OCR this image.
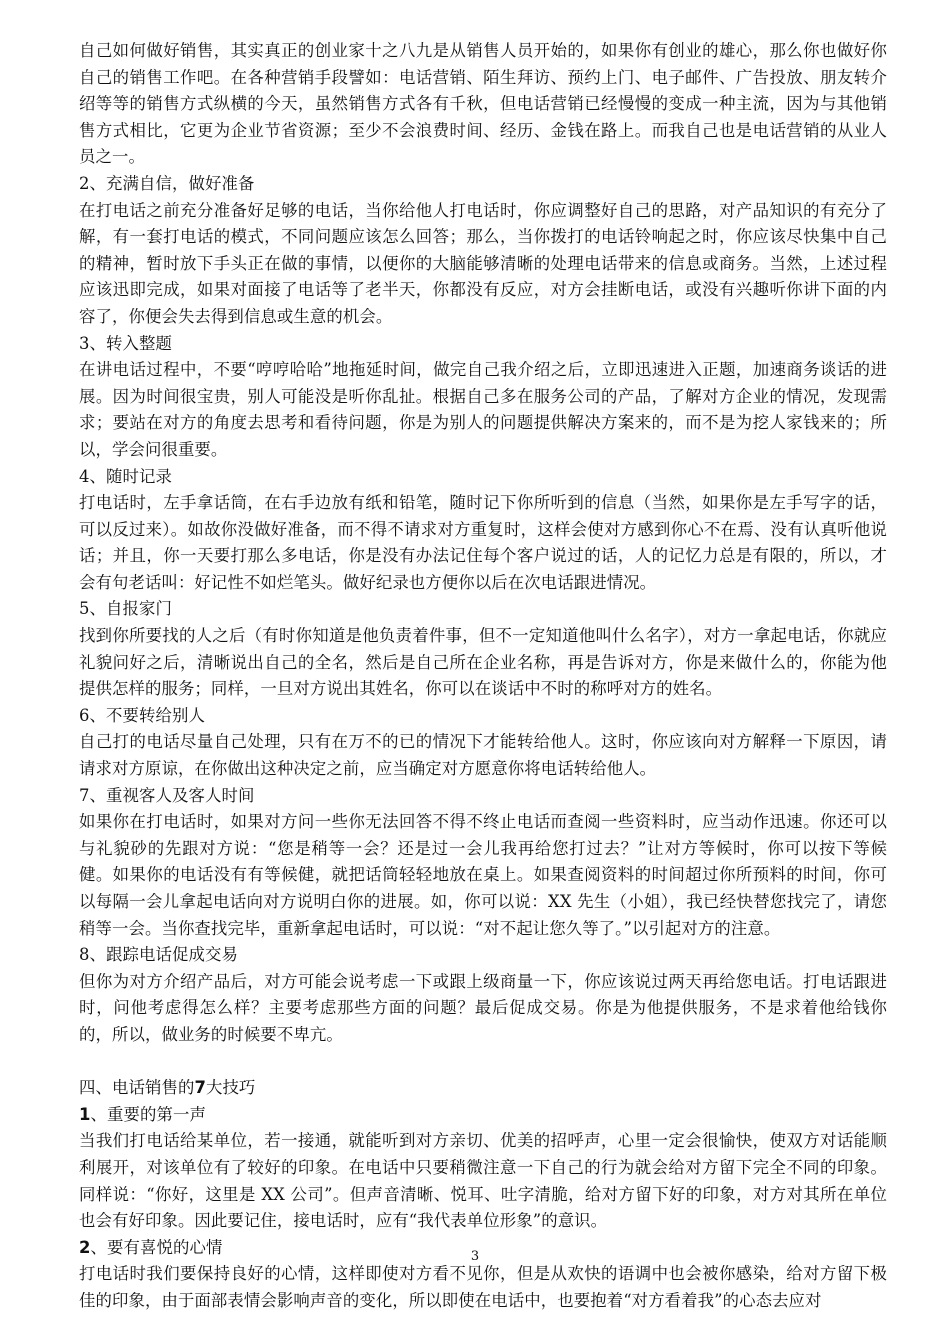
自己如何做好销售，其实真正的创业家十之八九是从销售人员开始的，如果你有创业的雄心，那么你也做好你自己的销售工作吧。在各种营销手段譬如：电话营销、陌生拜访、预约上门、电子邮件、广告投放、朋友转介绍等等的销售方式纵横的今天，虽然销售方式各有千秋，但电话营销已经慢慢的变成一种主流，因为与其他销售方式相比，它更为企业节省资源；至少不会浪费时间、经历、金钱在路上。而我自己也是电话营销的从业人员之一。

2、充满自信，做好准备

在打电话之前充分准备好足够的电话，当你给他人打电话时，你应调整好自己的思路，对产品知识的有充分了解，有一套打电话的模式，不同问题应该怎么回答；那么，当你拨打的电话铃响起之时，你应该尽快集中自己的精神，暂时放下手头正在做的事情，以便你的大脑能够清晰的处理电话带来的信息或商务。当然，上述过程应该迅即完成，如果对面接了电话等了老半天，你都没有反应，对方会挂断电话，或没有兴趣听你讲下面的内容了，你便会失去得到信息或生意的机会。

3、转入整题

在讲电话过程中，不要“哼哼哈哈”地拖延时间，做完自己我介绍之后，立即迅速进入正题，加速商务谈话的进展。因为时间很宝贵，别人可能没是听你乱扯。根据自己多在服务公司的产品，了解对方企业的情况，发现需求；要站在对方的角度去思考和看待问题，你是为别人的问题提供解决方案来的，而不是为挖人家钱来的；所以，学会问很重要。

4、随时记录

打电话时，左手拿话筒，在右手边放有纸和铅笔，随时记下你所听到的信息（当然，如果你是左手写字的话，可以反过来）。如故你没做好准备，而不得不请求对方重复时，这样会使对方感到你心不在焉、没有认真听他说话；并且，你一天要打那么多电话，你是没有办法记住每个客户说过的话，人的记忆力总是有限的，所以，才会有句老话叫：好记性不如烂笔头。做好纪录也方便你以后在次电话跟进情况。

5、自报家门

找到你所要找的人之后（有时你知道是他负责着件事，但不一定知道他叫什么名字），对方一拿起电话，你就应礼貌问好之后，清晰说出自己的全名，然后是自己所在企业名称，再是告诉对方，你是来做什么的，你能为他提供怎样的服务；同样，一旦对方说出其姓名，你可以在谈话中不时的称呼对方的姓名。

6、不要转给别人

自己打的电话尽量自己处理，只有在万不的已的情况下才能转给他人。这时，你应该向对方解释一下原因，请请求对方原谅，在你做出这种决定之前，应当确定对方愿意你将电话转给他人。

7、重视客人及客人时间

如果你在打电话时，如果对方问一些你无法回答不得不终止电话而查阅一些资料时，应当动作迅速。你还可以与礼貌砂的先跟对方说：“您是稍等一会？还是过一会儿我再给您打过去？”让对方等候时，你可以按下等候健。如果你的电话没有有等候健，就把话筒轻轻地放在桌上。如果查阅资料的时间超过你所预料的时间，你可以每隔一会儿拿起电话向对方说明白你的进展。如，你可以说：XX 先生（小姐），我已经快替您找完了，请您稍等一会。当你查找完毕，重新拿起电话时，可以说：“对不起让您久等了。”以引起对方的注意。

8、跟踪电话促成交易

但你为对方介绍产品后，对方可能会说考虑一下或跟上级商量一下，你应该说过两天再给您电话。打电话跟进时，问他考虑得怎么样？主要考虑那些方面的问题？最后促成交易。你是为他提供服务，不是求着他给钱你的，所以，做业务的时候要不卑亢。

四、电话销售的7大技巧

1、重要的第一声

当我们打电话给某单位，若一接通，就能听到对方亲切、优美的招呼声，心里一定会很愉快，使双方对话能顺利展开，对该单位有了较好的印象。在电话中只要稍微注意一下自己的行为就会给对方留下完全不同的印象。同样说：“你好，这里是 XX 公司”。但声音清晰、悦耳、吐字清脆，给对方留下好的印象，对方对其所在单位也会有好印象。因此要记住，接电话时，应有“我代表单位形象”的意识。

2、要有喜悦的心情

打电话时我们要保持良好的心情，这样即使对方看不见你，但是从欢快的语调中也会被你感染，给对方留下极佳的印象，由于面部表情会影响声音的变化，所以即使在电话中，也要抱着“对方看着我”的心态去应对

3
